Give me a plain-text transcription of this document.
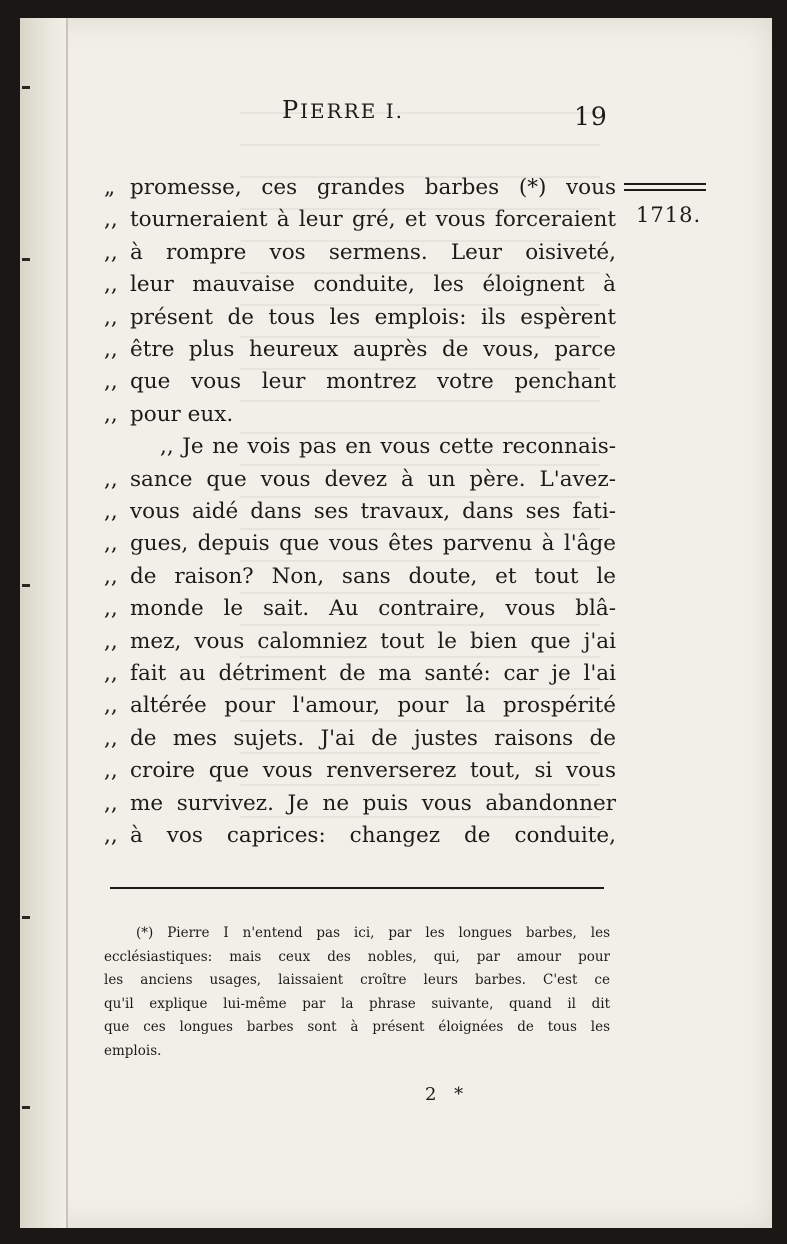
PIERRE I.	19
1718.
„ promesse, ces grandes barbes (*) vous
,, tourneraient à leur gré, et vous forceraient
,, à rompre vos sermens. Leur oisiveté,
,, leur mauvaise conduite, les éloignent à
,, présent de tous les emplois: ils espèrent
,, être plus heureux auprès de vous, parce
,, que vous leur montrez votre penchant
,, pour eux.
,, Je ne vois pas en vous cette reconnais-
,, sance que vous devez à un père. L'avez-
,, vous aidé dans ses travaux, dans ses fati-
,, gues, depuis que vous êtes parvenu à l'âge
,, de raison? Non, sans doute, et tout le
,, monde le sait. Au contraire, vous blâ-
,, mez, vous calomniez tout le bien que j'ai
,, fait au détriment de ma santé: car je l'ai
,, altérée pour l'amour, pour la prospérité
,, de mes sujets. J'ai de justes raisons de
,, croire que vous renverserez tout, si vous
,, me survivez. Je ne puis vous abandonner
,, à vos caprices: changez de conduite,
(*) Pierre I n'entend pas ici, par les longues barbes, les
ecclésiastiques: mais ceux des nobles, qui, par amour pour
les anciens usages, laissaient croître leurs barbes. C'est ce
qu'il explique lui-même par la phrase suivante, quand il dit
que ces longues barbes sont à présent éloignées de tous les
emplois.
2 *
